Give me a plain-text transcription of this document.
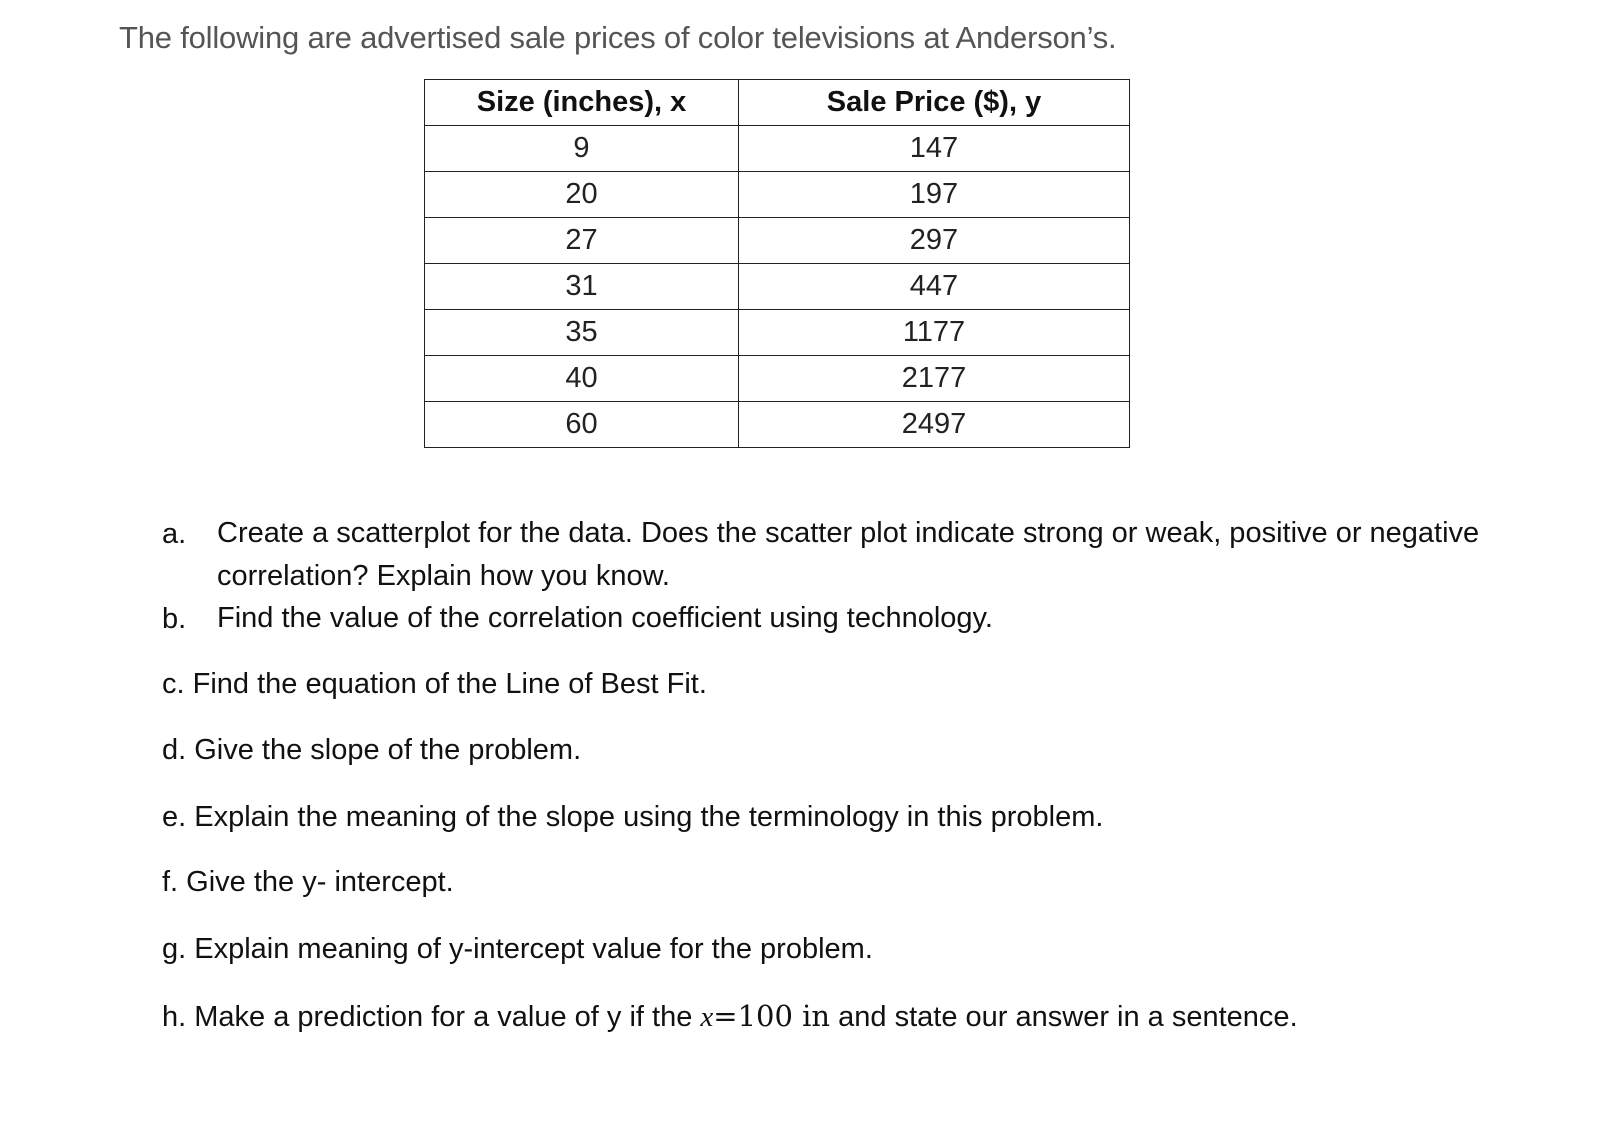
The following are advertised sale prices of color televisions at Anderson’s.
Size (inches), x	Sale Price ($), y
9	147
20	197
27	297
31	447
35	1177
40	2177
60	2497
a. Create a scatterplot for the data. Does the scatter plot indicate strong or weak, positive or negative correlation? Explain how you know.
b. Find the value of the correlation coefficient using technology.
c. Find the equation of the Line of Best Fit.
d. Give the slope of the problem.
e. Explain the meaning of the slope using the terminology in this problem.
f. Give the y- intercept.
g. Explain meaning of y-intercept value for the problem.
h. Make a prediction for a value of y if the x=100 in and state our answer in a sentence.
